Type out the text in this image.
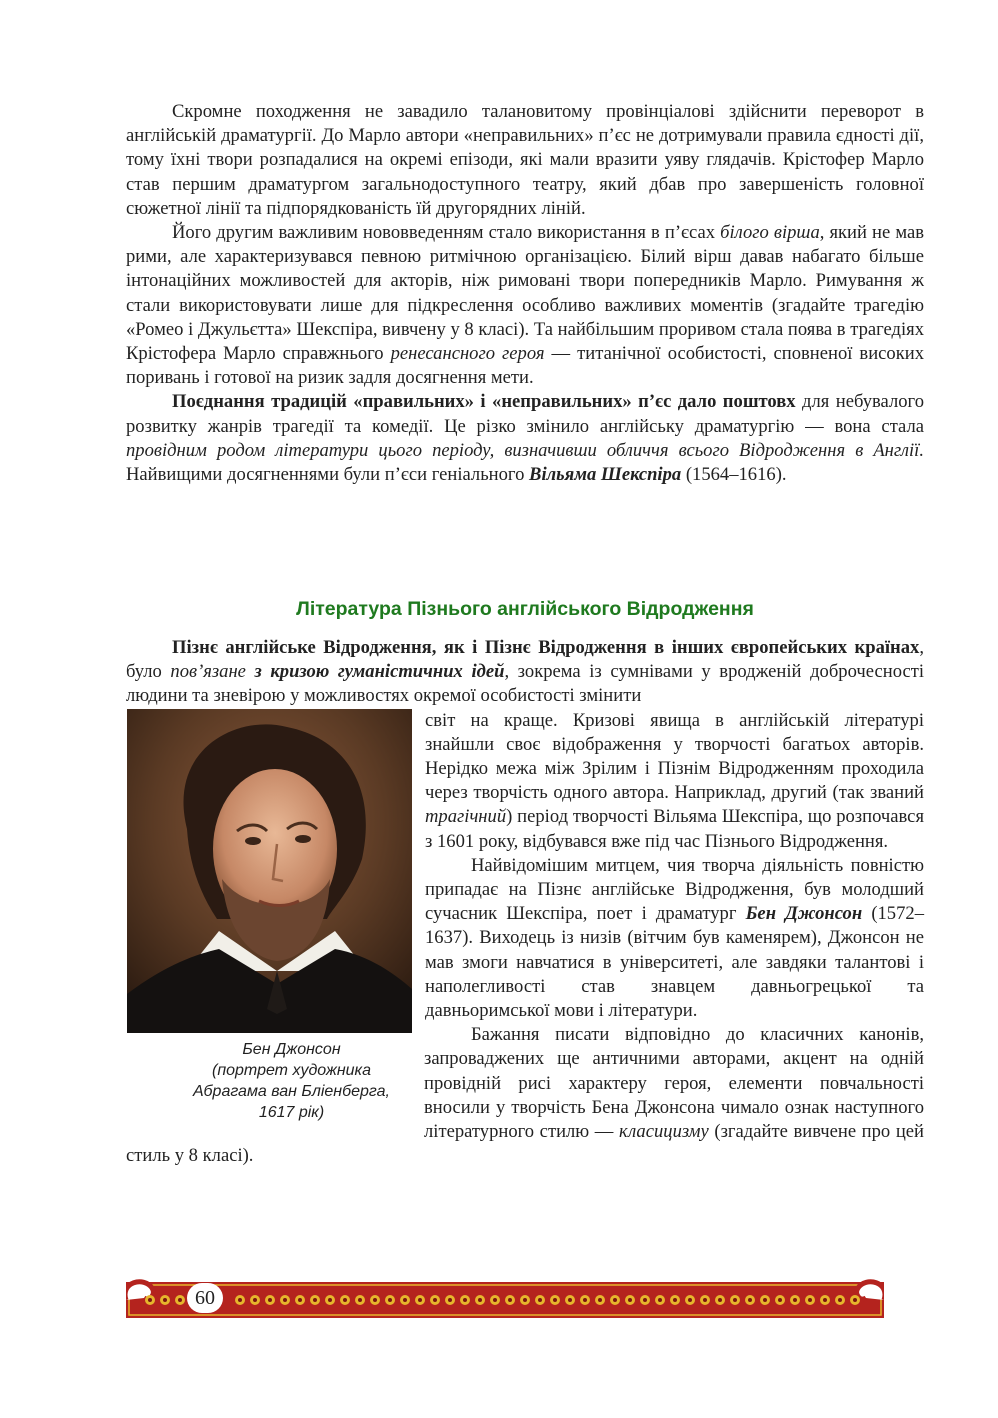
Скромне походження не завадило талановитому провінціалові здійснити переворот в англійській драматургії. До Марло автори «неправильних» п’єс не дотримували правила єдності дії, тому їхні твори розпадалися на окремі епізоди, які мали вразити уяву глядачів. Крістофер Марло став першим драматургом загальнодоступного театру, який дбав про завершеність головної сюжетної лінії та підпорядкованість їй другорядних ліній.

Його другим важливим нововведенням стало використання в п’єсах білого вірша, який не мав рими, але характеризувався певною ритмічною організацією. Білий вірш давав набагато більше інтонаційних можливостей для акторів, ніж римовані твори попередників Марло. Римування ж стали використовувати лише для підкреслення особливо важливих моментів (згадайте трагедію «Ромео і Джульєтта» Шекспіра, вивчену у 8 класі). Та найбільшим проривом стала поява в трагедіях Крістофера Марло справжнього ренесансного героя — титанічної особистості, сповненої високих поривань і готової на ризик задля досягнення мети.

Поєднання традицій «правильних» і «неправильних» п’єс дало поштовх для небувалого розвитку жанрів трагедії та комедії. Це різко змінило англійську драматургію — вона стала провідним родом літератури цього періоду, визначивши обличчя всього Відродження в Англії. Найвищими досягненнями були п’єси геніального Вільяма Шекспіра (1564–1616).

Література Пізнього англійського Відродження

Пізнє англійське Відродження, як і Пізнє Відродження в інших європейських країнах, було пов’язане з кризою гуманістичних ідей, зокрема із сумнівами у вродженій доброчесності людини та зневірою у можливостях окремої особистості змінити

Бен Джонсон

(портрет художника

Абрагама ван Бліенберга,

1617 рік)

світ на краще. Кризові явища в англійській літературі знайшли своє відображення у творчості багатьох авторів. Нерідко межа між Зрілим і Пізнім Відродженням проходила через творчість одного автора. Наприклад, другий (так званий трагічний) період творчості Вільяма Шекспіра, що розпочався з 1601 року, відбувався вже під час Пізнього Відродження.

Найвідомішим митцем, чия творча діяльність повністю припадає на Пізнє англійське Відродження, був молодший сучасник Шекспіра, поет і драматург Бен Джонсон (1572–1637). Виходець із низів (вітчим був каменярем), Джонсон не мав змоги навчатися в університеті, але завдяки талантові і наполегливості став знавцем давньогрецької та давньоримської мови і літератури.

Бажання писати відповідно до класичних канонів, запроваджених ще античними авторами, акцент на одній провідній рисі характеру героя, елементи повчальності вносили у творчість Бена Джонсона чимало ознак наступного літературного стилю — класицизму (згадайте вивчене про цей стиль у 8 класі).

60
